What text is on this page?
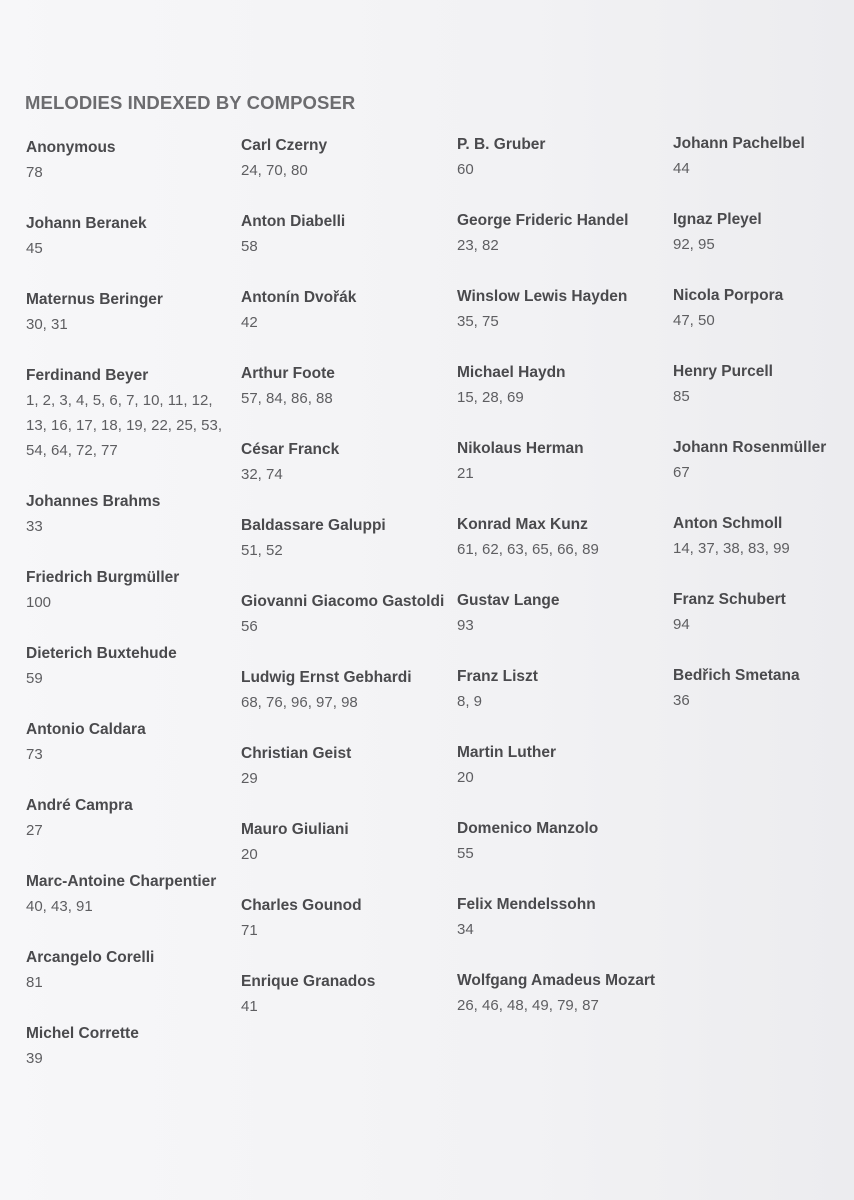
MELODIES INDEXED BY COMPOSER

Anonymous

78

Johann Beranek

45

Maternus Beringer

30, 31

Ferdinand Beyer

1, 2, 3, 4, 5, 6, 7, 10, 11, 12, 13, 16, 17, 18, 19, 22, 25, 53, 54, 64, 72, 77

Johannes Brahms

33

Friedrich Burgmüller

100

Dieterich Buxtehude

59

Antonio Caldara

73

André Campra

27

Marc-Antoine Charpentier

40, 43, 91

Arcangelo Corelli

81

Michel Corrette

39

Carl Czerny

24, 70, 80

Anton Diabelli

58

Antonín Dvořák

42

Arthur Foote

57, 84, 86, 88

César Franck

32, 74

Baldassare Galuppi

51, 52

Giovanni Giacomo Gastoldi

56

Ludwig Ernst Gebhardi

68, 76, 96, 97, 98

Christian Geist

29

Mauro Giuliani

20

Charles Gounod

71

Enrique Granados

41

P. B. Gruber

60

George Frideric Handel

23, 82

Winslow Lewis Hayden

35, 75

Michael Haydn

15, 28, 69

Nikolaus Herman

21

Konrad Max Kunz

61, 62, 63, 65, 66, 89

Gustav Lange

93

Franz Liszt

8, 9

Martin Luther

20

Domenico Manzolo

55

Felix Mendelssohn

34

Wolfgang Amadeus Mozart

26, 46, 48, 49, 79, 87

Johann Pachelbel

44

Ignaz Pleyel

92, 95

Nicola Porpora

47, 50

Henry Purcell

85

Johann Rosenmüller

67

Anton Schmoll

14, 37, 38, 83, 99

Franz Schubert

94

Bedřich Smetana

36
